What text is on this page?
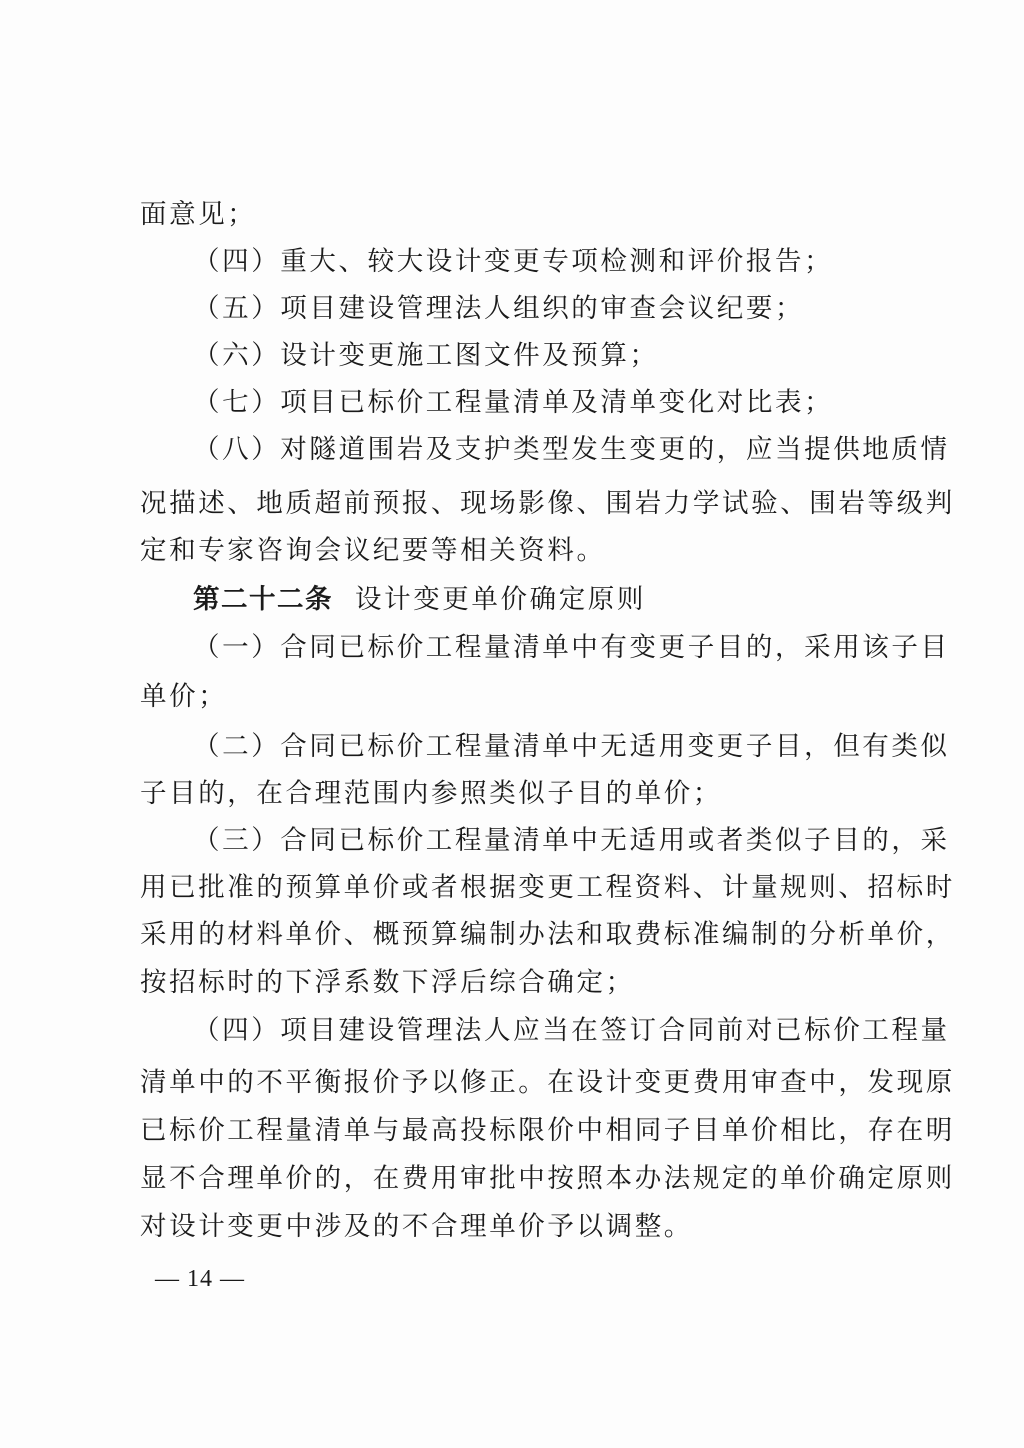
面意见；
（四）重大、较大设计变更专项检测和评价报告；
（五）项目建设管理法人组织的审查会议纪要；
（六）设计变更施工图文件及预算；
（七）项目已标价工程量清单及清单变化对比表；
（八）对隧道围岩及支护类型发生变更的，应当提供地质情
况描述、地质超前预报、现场影像、围岩力学试验、围岩等级判
定和专家咨询会议纪要等相关资料。
第二十二条 设计变更单价确定原则
（一）合同已标价工程量清单中有变更子目的，采用该子目
单价；
（二）合同已标价工程量清单中无适用变更子目，但有类似
子目的，在合理范围内参照类似子目的单价；
（三）合同已标价工程量清单中无适用或者类似子目的，采
用已批准的预算单价或者根据变更工程资料、计量规则、招标时
采用的材料单价、概预算编制办法和取费标准编制的分析单价，
按招标时的下浮系数下浮后综合确定；
（四）项目建设管理法人应当在签订合同前对已标价工程量
清单中的不平衡报价予以修正。在设计变更费用审查中，发现原
已标价工程量清单与最高投标限价中相同子目单价相比，存在明
显不合理单价的，在费用审批中按照本办法规定的单价确定原则
对设计变更中涉及的不合理单价予以调整。
— 14 —
